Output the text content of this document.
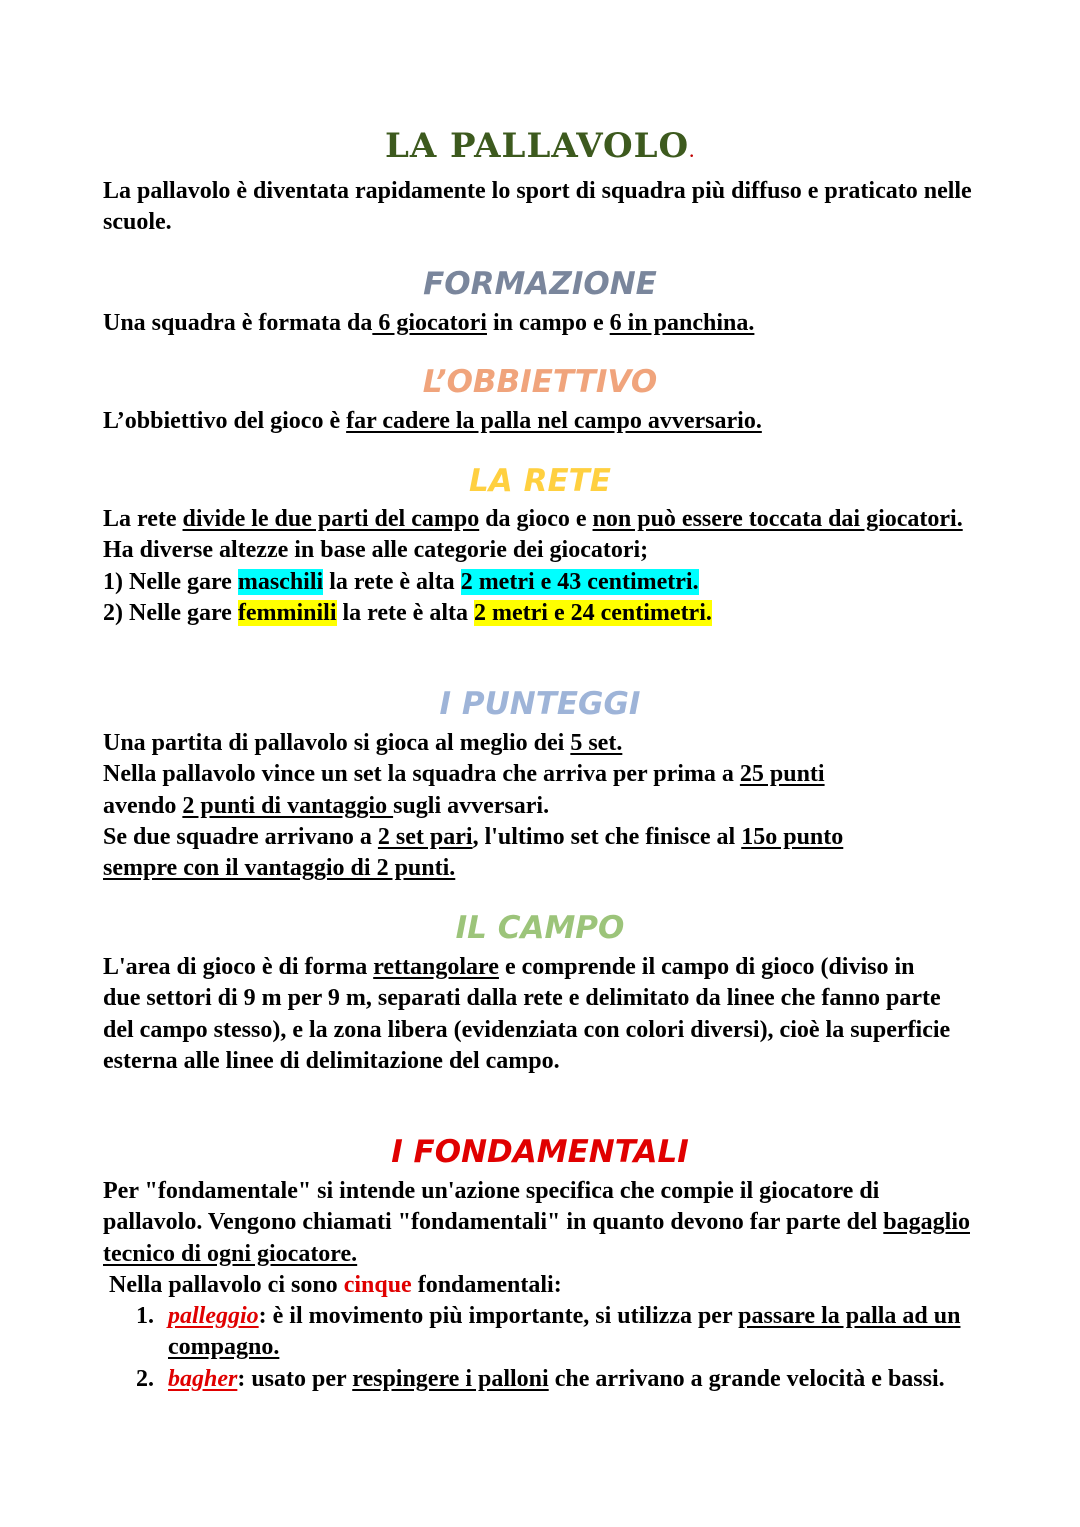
LA PALLAVOLO.
La pallavolo è diventata rapidamente lo sport di squadra più diffuso e praticato nelle scuole.
FORMAZIONE
Una squadra è formata da 6 giocatori in campo e 6 in panchina.
L’OBBIETTIVO
L’obbiettivo del gioco è far cadere la palla nel campo avversario.
LA RETE
La rete divide le due parti del campo da gioco e non può essere toccata dai giocatori.
Ha diverse altezze in base alle categorie dei giocatori;
1) Nelle gare maschili la rete è alta 2 metri e 43 centimetri.
2) Nelle gare femminili la rete è alta 2 metri e 24 centimetri.
I PUNTEGGI
Una partita di pallavolo si gioca al meglio dei 5 set.
Nella pallavolo vince un set la squadra che arriva per prima a 25 punti
avendo 2 punti di vantaggio sugli avversari.
Se due squadre arrivano a 2 set pari, l'ultimo set che finisce al 15o punto
sempre con il vantaggio di 2 punti.
IL CAMPO
L'area di gioco è di forma rettangolare e comprende il campo di gioco (diviso in due settori di 9 m per 9 m, separati dalla rete e delimitato da linee che fanno parte del campo stesso), e la zona libera (evidenziata con colori diversi), cioè la superficie esterna alle linee di delimitazione del campo.
I FONDAMENTALI
Per "fondamentale" si intende un'azione specifica che compie il giocatore di pallavolo. Vengono chiamati "fondamentali" in quanto devono far parte del bagaglio tecnico di ogni giocatore.
Nella pallavolo ci sono cinque fondamentali:
1. palleggio: è il movimento più importante, si utilizza per passare la palla ad un compagno.
2. bagher: usato per respingere i palloni che arrivano a grande velocità e bassi.
